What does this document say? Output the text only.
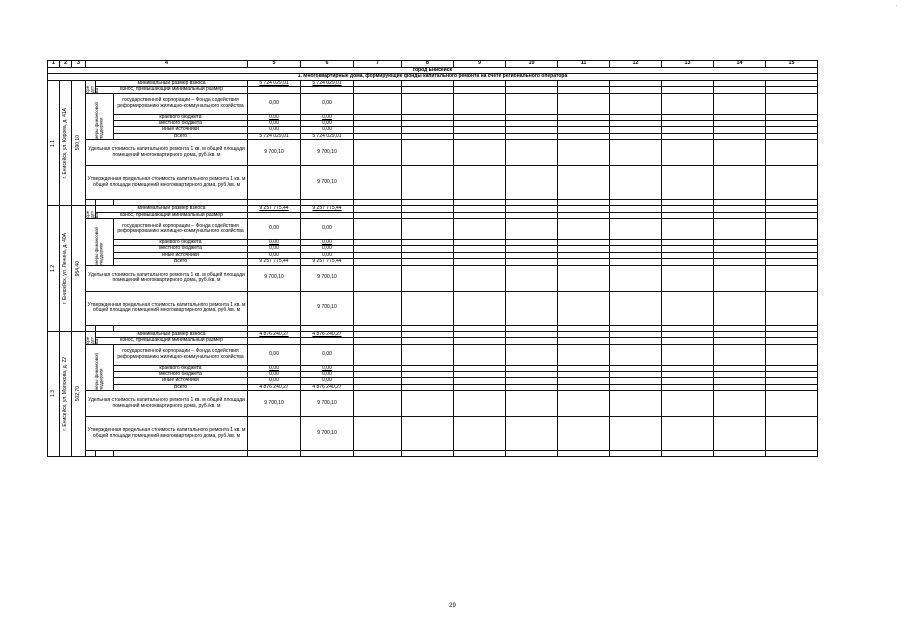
.
1	2	3	4			5	6	7	8	9	10	11	12	13	14	15	
город Енисейск																	
1. Многоквартирные дома, формирующие фонды капитального ремонта на счете регионального оператора																	

1.1	г. Енисейск, ул. Кирова, д. 41А	590,10	сре дст ва	минимальный размер взноса		5 724 029,01	5 724 029,01										
				взнос, превышающий минимальный размер													

			меры финансовой поддержки		государственной корпорации – Фонда содействия реформированию жилищно-коммунального хозяйства	0,00	0,00										
					краевого бюджета	0,00	0,00										
					местного бюджета	0,00	0,00										
					иные источники	0,00	0,00										
					Всего	5 724 029,01	5 724 029,01										
			Удельная стоимость капитального ремонта 1 кв. м общей площади помещений многоквартирного дома, руб./кв. м			9 700,10	9 700,10										
			Утвержденная предельная стоимость капитального ремонта 1 кв. м общей площади помещений многоквартирного дома, руб./кв. м				9 700,10										

1.2	г. Енисейск, ул. Ленина, д. 40А	954,40	сре дст ва	минимальный размер взноса		9 257 775,44	9 257 775,44										
				взнос, превышающий минимальный размер													

			меры финансовой поддержки		государственной корпорации – Фонда содействия реформированию жилищно-коммунального хозяйства	0,00	0,00										
					краевого бюджета	0,00	0,00										
					местного бюджета	0,00	0,00										
					иные источники	0,00	0,00										
					Всего	9 257 775,44	9 257 775,44										
			Удельная стоимость капитального ремонта 1 кв. м общей площади помещений многоквартирного дома, руб./кв. м			9 700,10	9 700,10										
			Утвержденная предельная стоимость капитального ремонта 1 кв. м общей площади помещений многоквартирного дома, руб./кв. м				9 700,10										

1.3	г. Енисейск, ул. Молокова, д. 22	502,70	сре дст ва	минимальный размер взноса		4 876 240,27	4 876 240,27										
				взнос, превышающий минимальный размер													

			меры финансовой поддержки		государственной корпорации – Фонда содействия реформированию жилищно-коммунального хозяйства	0,00	0,00										
					краевого бюджета	0,00	0,00										
					местного бюджета	0,00	0,00										
					иные источники	0,00	0,00										
					Всего	4 876 240,27	4 876 240,27										
			Удельная стоимость капитального ремонта 1 кв. м общей площади помещений многоквартирного дома, руб./кв. м			9 700,10	9 700,10										
			Утвержденная предельная стоимость капитального ремонта 1 кв. м общей площади помещений многоквартирного дома, руб./кв. м				9 700,10										

29
